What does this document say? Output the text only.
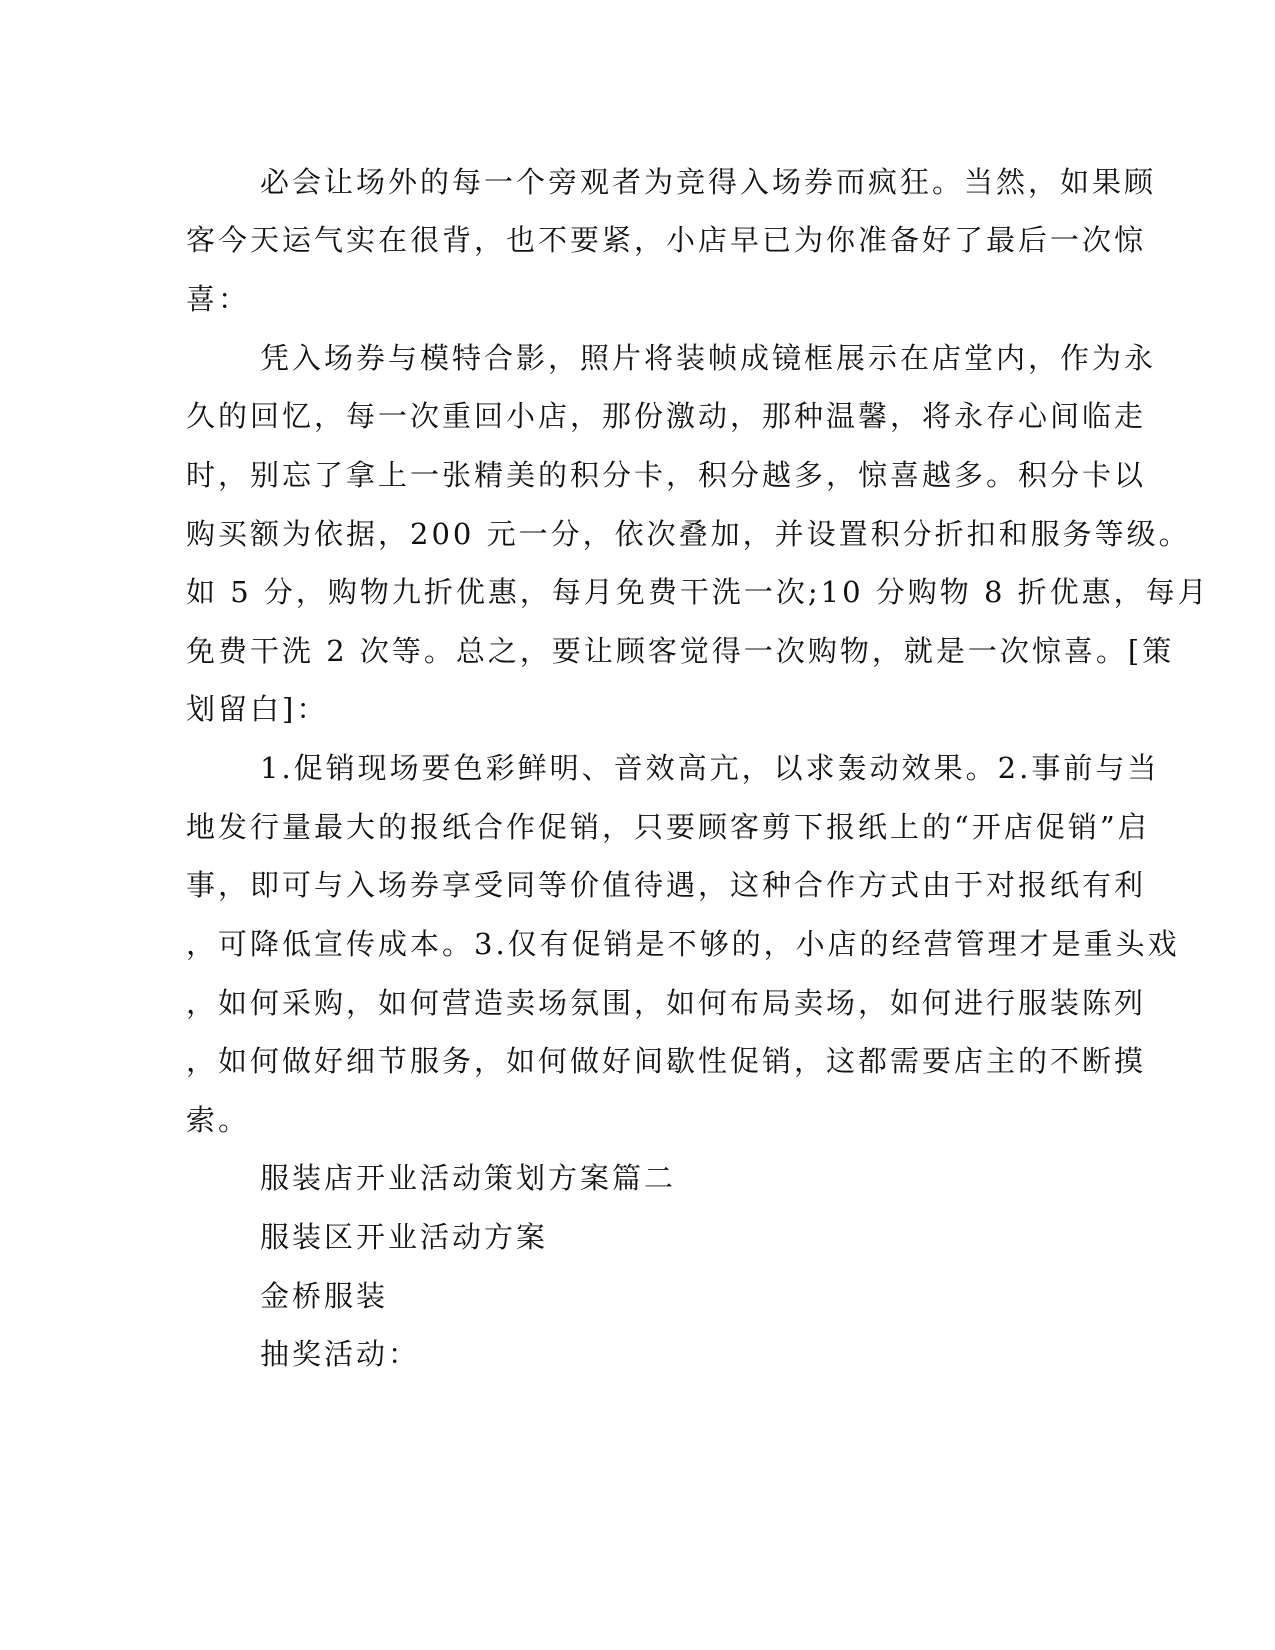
必会让场外的每一个旁观者为竞得入场券而疯狂。当然，如果顾
客今天运气实在很背，也不要紧，小店早已为你准备好了最后一次惊
喜：
凭入场券与模特合影，照片将装帧成镜框展示在店堂内，作为永
久的回忆，每一次重回小店，那份激动，那种温馨，将永存心间临走
时，别忘了拿上一张精美的积分卡，积分越多，惊喜越多。积分卡以
购买额为依据，200 元一分，依次叠加，并设置积分折扣和服务等级。
如 5 分，购物九折优惠，每月免费干洗一次;10 分购物 8 折优惠，每月
免费干洗 2 次等。总之，要让顾客觉得一次购物，就是一次惊喜。[策
划留白]：
1.促销现场要色彩鲜明、音效高亢，以求轰动效果。2.事前与当
地发行量最大的报纸合作促销，只要顾客剪下报纸上的“开店促销”启
事，即可与入场券享受同等价值待遇，这种合作方式由于对报纸有利
，可降低宣传成本。3.仅有促销是不够的，小店的经营管理才是重头戏
，如何采购，如何营造卖场氛围，如何布局卖场，如何进行服装陈列
，如何做好细节服务，如何做好间歇性促销，这都需要店主的不断摸
索。
服装店开业活动策划方案篇二
服装区开业活动方案
金桥服装
抽奖活动：
